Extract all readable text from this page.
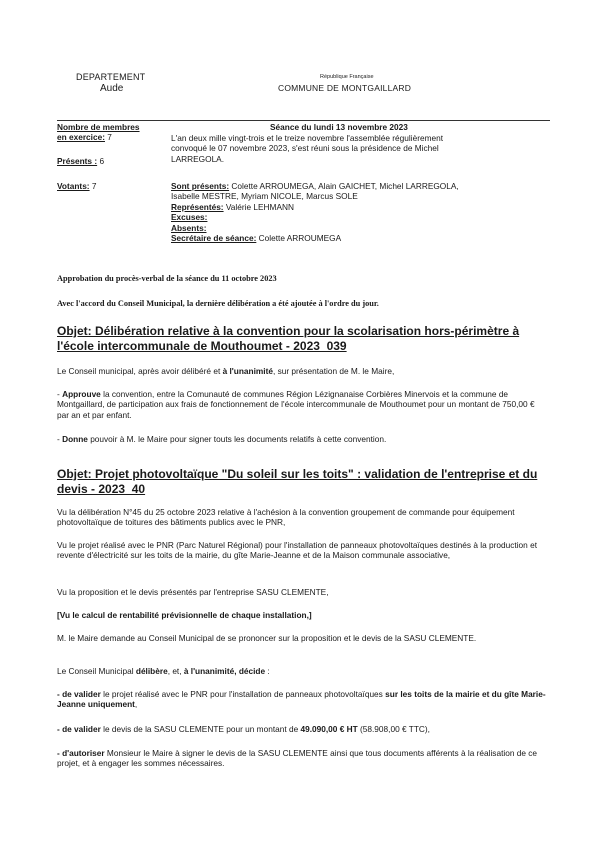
DEPARTEMENT
Aude
République Française
COMMUNE DE MONTGAILLARD
Nombre de membres
en exercice: 7
Présents : 6
Votants: 7
Séance du lundi 13 novembre 2023
L'an deux mille vingt-trois et le treize novembre l'assemblée régulièrement
convoqué le 07 novembre 2023, s'est réuni sous la présidence de Michel
LARREGOLA.
Sont présents: Colette ARROUMEGA, Alain GAICHET, Michel LARREGOLA,
Isabelle MESTRE, Myriam NICOLE, Marcus SOLE
Représentés: Valérie LEHMANN
Excuses:
Absents:
Secrétaire de séance: Colette ARROUMEGA
Approbation du procès-verbal de la séance du 11 octobre 2023
Avec l'accord du Conseil Municipal, la dernière délibération a été ajoutée à l'ordre du jour.
Objet: Délibération relative à la convention pour la scolarisation hors-périmètre à
l'école intercommunale de Mouthoumet - 2023_039
Le Conseil municipal, après avoir délibéré et à l'unanimité, sur présentation de M. le Maire,
- Approuve la convention, entre la Comunauté de communes Région Lézignanaise Corbières Minervois et la commune de Montgaillard, de participation aux frais de fonctionnement de l'école intercommunale de Mouthoumet pour un montant de 750,00 € par an et par enfant.
- Donne pouvoir à M. le Maire pour signer touts les documents relatifs à cette convention.
Objet: Projet photovoltaïque "Du soleil sur les toits" : validation de l'entreprise et du
devis - 2023_40
Vu la délibération N°45 du 25 octobre 2023 relative à l'achésion à la convention groupement de commande pour équipement photovoltaïque de toitures des bâtiments publics avec le PNR,
Vu le projet réalisé avec le PNR (Parc Naturel Régional) pour l'installation de panneaux photovoltaïques destinés à la production et revente d'électricité sur les toits de la mairie, du gîte Marie-Jeanne et de la Maison communale associative,
Vu la proposition et le devis présentés par l'entreprise SASU CLEMENTE,
[Vu le calcul de rentabilité prévisionnelle de chaque installation,]
M. le Maire demande au Conseil Municipal de se prononcer sur la proposition et le devis de la SASU CLEMENTE.
Le Conseil Municipal délibère, et, à l'unanimité, décide :
- de valider le projet réalisé avec le PNR pour l'installation de panneaux photovoltaïques sur les toits de la mairie et du gîte Marie-Jeanne uniquement,
- de valider le devis de la SASU CLEMENTE pour un montant de 49.090,00 € HT (58.908,00 € TTC),
- d'autoriser Monsieur le Maire à signer le devis de la SASU CLEMENTE ainsi que tous documents afférents à la réalisation de ce projet, et à engager les sommes nécessaires.
